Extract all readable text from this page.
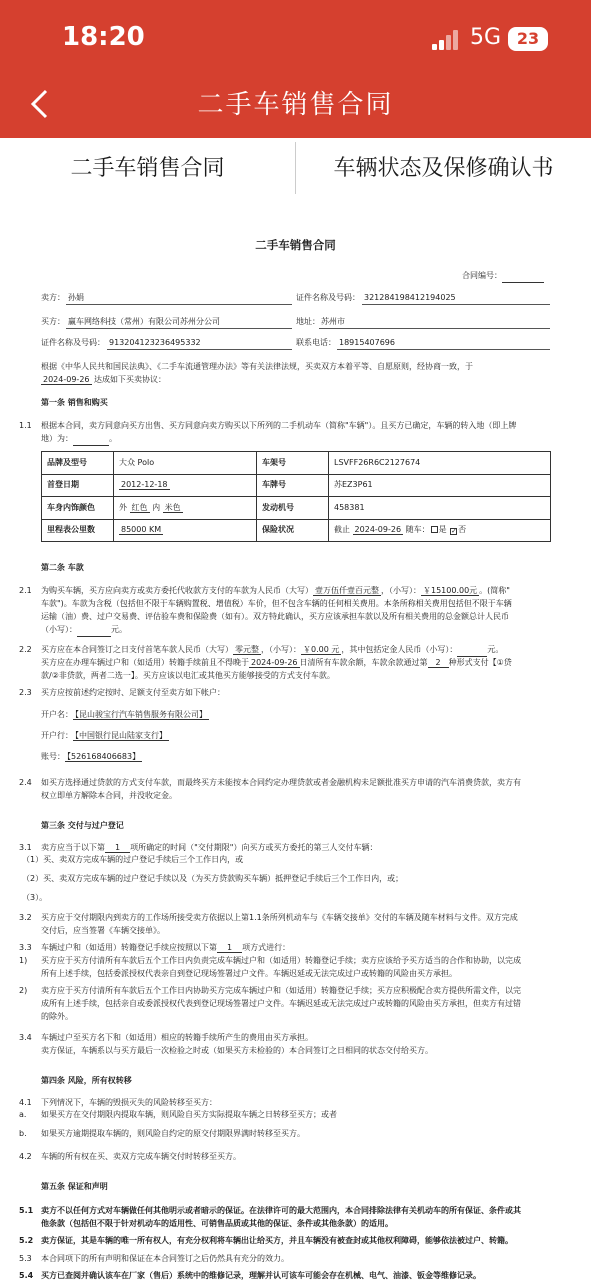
18:20	5G 23
二手车销售合同
二手车销售合同	车辆状态及保修确认书
二手车销售合同
合同编号：
卖方： 孙娟	证件名称及号码： 321284198412194025
买方： 赢车网络科技（常州）有限公司苏州分公司	地址： 苏州市
证件名称及号码： 913204123236495332	联系电话： 18915407696
根据《中华人民共和国民法典》、《二手车流通管理办法》等有关法律法规，买卖双方本着平等、自愿原则，经协商一致，于
2024-09-26 达成如下买卖协议：
第一条 销售和购买
1.1 根据本合同，卖方同意向买方出售、买方同意向卖方购买以下所列的二手机动车（简称"车辆"）。且买方已确定，车辆的转入地（即上牌
地）为：	。
品牌及型号	大众 Polo	车架号	LSVFF26R6C2127674
首登日期	2012-12-18	车牌号	苏EZ3P61
车身内饰颜色	外 红色 内 米色	发动机号	458381
里程表公里数	85000 KM	保险状况	截止 2024-09-26 随车： 是 ✓否
第二条 车款
2.1 为购买车辆，买方应向卖方或卖方委托代收款方支付的车款为人民币（大写） 壹万伍仟壹百元整 ，（小写）： ￥15100.00元 。(简称"
车款")。车款为含税（包括但不限于车辆购置税、增值税）车价，但不包含车辆的任何相关费用。本条所称相关费用包括但不限于车辆
运输（油）费、过户交易费、评估验车费和保险费（如有）。双方特此确认，买方应该承担车款以及所有相关费用的总金额总计人民币
（小写）：	元。
2.2 买方应在本合同签订之日支付首笔车款人民币（大写） 零元整 ，（小写）： ￥0.00 元 ，其中包括定金人民币（小写）：	元。
买方应在办理车辆过户和（如适用）转籍手续前且不得晚于 2024-09-26 日清所有车款余额，车款余款通过第 2 种形式支付【①贷
款/②非贷款，两者二选一】。买方应该以电汇或其他买方能够接受的方式支付车款。
2.3 买方应按前述约定按时、足额支付至卖方如下帐户：
开户名： 【昆山骏宝行汽车销售服务有限公司】
开户行： 【中国银行昆山陆家支行】
账号： 【526168406683】
2.4 如买方选择通过贷款的方式支付车款，而最终买方未能按本合同约定办理贷款或者金融机构未足额批准买方申请的汽车消费贷款，卖方有
权立即单方解除本合同，并没收定金。
第三条 交付与过户登记
3.1 卖方应当于以下第 1 项所确定的时间（"交付期限"）向买方或买方委托的第三人交付车辆：
（1）买、卖双方完成车辆的过户登记手续后三个工作日内，或
（2）买、卖双方完成车辆的过户登记手续以及（为买方贷款购买车辆）抵押登记手续后三个工作日内，或；
（3）。
3.2 买方应于交付期限内到卖方的工作场所接受卖方依据以上第1.1条所列机动车与《车辆交接单》交付的车辆及随车材料与文件。双方完成
交付后，应当签署《车辆交接单》。
3.3 车辆过户和（如适用）转籍登记手续应按照以下第 1 项方式进行：
1) 买方应于买方付清所有车款后五个工作日内负责完成车辆过户和（如适用）转籍登记手续；卖方应该给予买方适当的合作和协助，以完成
所有上述手续，包括委派授权代表亲自到登记现场签署过户文件。车辆迟延或无法完成过户或转籍的风险由买方承担。
2) 卖方应于买方付清所有车款后五个工作日内协助买方完成车辆过户和（如适用）转籍登记手续；买方应积极配合卖方提供所需文件，以完
成所有上述手续，包括亲自或委派授权代表到登记现场签署过户文件。车辆迟延或无法完成过户或转籍的风险由买方承担，但卖方有过错
的除外。
3.4 车辆过户至买方名下和（如适用）相应的转籍手续所产生的费用由买方承担。
卖方保证，车辆系以与买方最后一次检验之时或（如果买方未检验的）本合同签订之日相同的状态交付给买方。
第四条 风险，所有权转移
4.1 下列情况下，车辆的毁损灭失的风险转移至买方：
a. 如果买方在交付期限内提取车辆，则风险自买方实际提取车辆之日转移至买方；或者
b. 如果买方逾期提取车辆的，则风险自约定的原交付期限界满时转移至买方。
4.2 车辆的所有权在买、卖双方完成车辆交付时转移至买方。
第五条 保证和声明
5.1 卖方不以任何方式对车辆做任何其他明示或者暗示的保证。在法律许可的最大范围内，本合同排除法律有关机动车的所有保证、条件或其
他条款（包括但不限于针对机动车的适用性、可销售品质或其他的保证、条件或其他条款）的适用。
5.2 卖方保证，其是车辆的唯一所有权人，有充分权利将车辆出让给买方，并且车辆没有被查封或其他权利障碍，能够依法被过户、转籍。
5.3 本合同项下的所有声明和保证在本合同签订之后仍然具有充分的效力。
5.4 买方已查阅并确认该车在厂家（售后）系统中的维修记录，理解并认可该车可能会存在机械、电气、油漆、钣金等维修记录。
